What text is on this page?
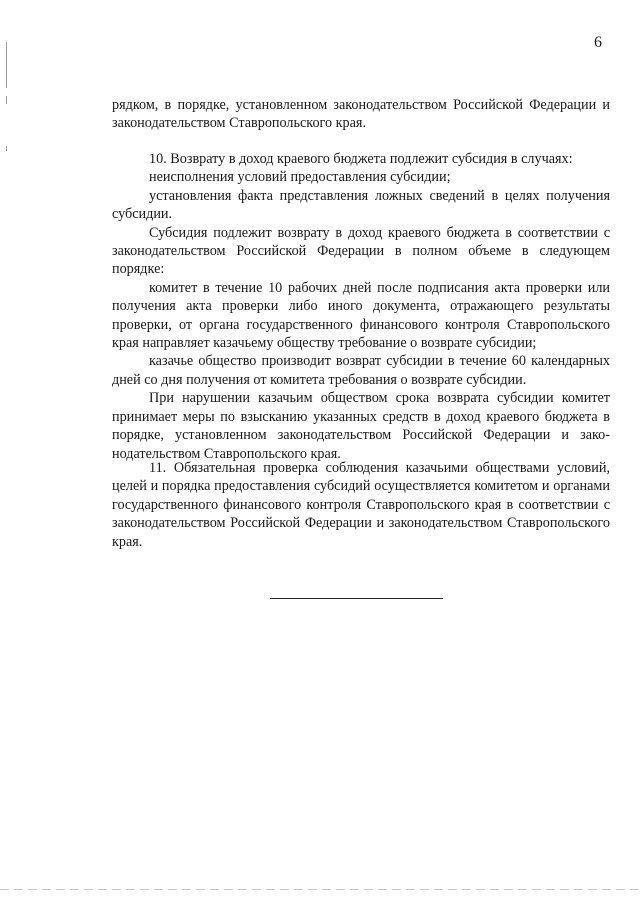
6

рядком, в порядке, установленном законодательством Российской Федерации и законодательством Ставропольского края.

10. Возврату в доход краевого бюджета подлежит субсидия в случаях:

неисполнения условий предоставления субсидии;

установления факта представления ложных сведений в целях получения субсидии.

Субсидия подлежит возврату в доход краевого бюджета в соответствии с законодательством Российской Федерации в полном объеме в следующем порядке:

комитет в течение 10 рабочих дней после подписания акта проверки или получения акта проверки либо иного документа, отражающего результаты проверки, от органа государственного финансового контроля Ставропольского края направляет казачьему обществу требование о возврате субсидии;

казачье общество производит возврат субсидии в течение 60 календарных дней со дня получения от комитета требования о возврате субсидии.

При нарушении казачьим обществом срока возврата субсидии комитет принимает меры по взысканию указанных средств в доход краевого бюджета в порядке, установленном законодательством Российской Федерации и законодательством Ставропольского края.

11. Обязательная проверка соблюдения казачьими обществами условий, целей и порядка предоставления субсидий осуществляется комитетом и органами государственного финансового контроля Ставропольского края в соответствии с законодательством Российской Федерации и законодательством Ставропольского края.
